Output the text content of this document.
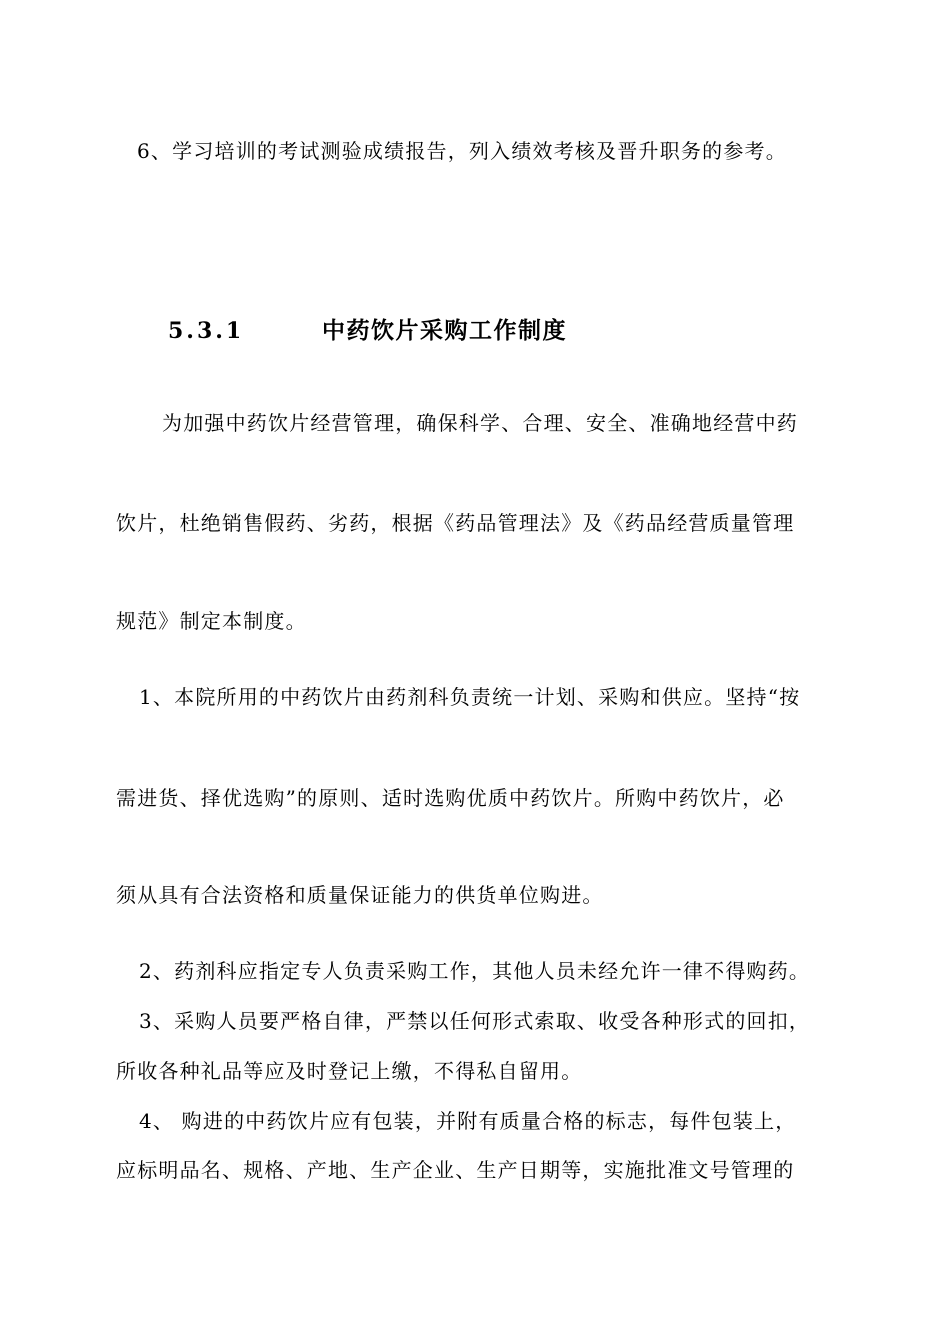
6、学习培训的考试测验成绩报告，列入绩效考核及晋升职务的参考。
5.3.1	中药饮片采购工作制度
为加强中药饮片经营管理，确保科学、合理、安全、准确地经营中药
饮片，杜绝销售假药、劣药，根据《药品管理法》及《药品经营质量管理
规范》制定本制度。
1、本院所用的中药饮片由药剂科负责统一计划、采购和供应。坚持“按
需进货、择优选购”的原则、适时选购优质中药饮片。所购中药饮片，必
须从具有合法资格和质量保证能力的供货单位购进。
2、药剂科应指定专人负责采购工作，其他人员未经允许一律不得购药。
3、采购人员要严格自律，严禁以任何形式索取、收受各种形式的回扣，
所收各种礼品等应及时登记上缴，不得私自留用。
4、 购进的中药饮片应有包装，并附有质量合格的标志，每件包装上，
应标明品名、规格、产地、生产企业、生产日期等，实施批准文号管理的
